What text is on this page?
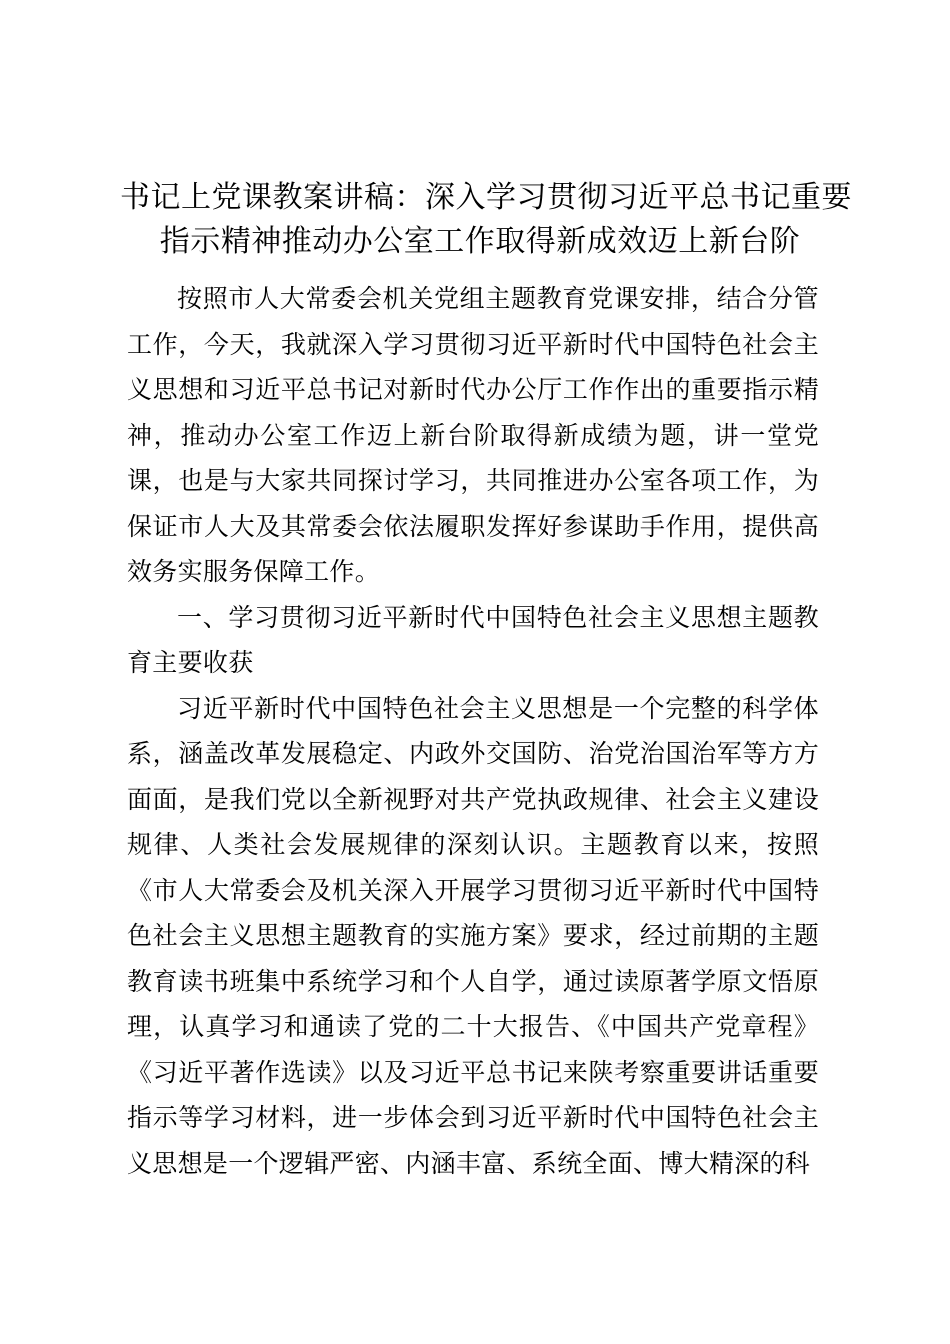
书记上党课教案讲稿：深入学习贯彻习近平总书记重要
指示精神推动办公室工作取得新成效迈上新台阶

按照市人大常委会机关党组主题教育党课安排，结合分管工作，今天，我就深入学习贯彻习近平新时代中国特色社会主义思想和习近平总书记对新时代办公厅工作作出的重要指示精神，推动办公室工作迈上新台阶取得新成绩为题，讲一堂党课，也是与大家共同探讨学习，共同推进办公室各项工作，为保证市人大及其常委会依法履职发挥好参谋助手作用，提供高效务实服务保障工作。

一、学习贯彻习近平新时代中国特色社会主义思想主题教育主要收获

习近平新时代中国特色社会主义思想是一个完整的科学体系，涵盖改革发展稳定、内政外交国防、治党治国治军等方方面面，是我们党以全新视野对共产党执政规律、社会主义建设规律、人类社会发展规律的深刻认识。主题教育以来，按照《市人大常委会及机关深入开展学习贯彻习近平新时代中国特色社会主义思想主题教育的实施方案》要求，经过前期的主题教育读书班集中系统学习和个人自学，通过读原著学原文悟原理，认真学习和通读了党的二十大报告、《中国共产党章程》《习近平著作选读》以及习近平总书记来陕考察重要讲话重要指示等学习材料，进一步体会到习近平新时代中国特色社会主义思想是一个逻辑严密、内涵丰富、系统全面、博大精深的科
